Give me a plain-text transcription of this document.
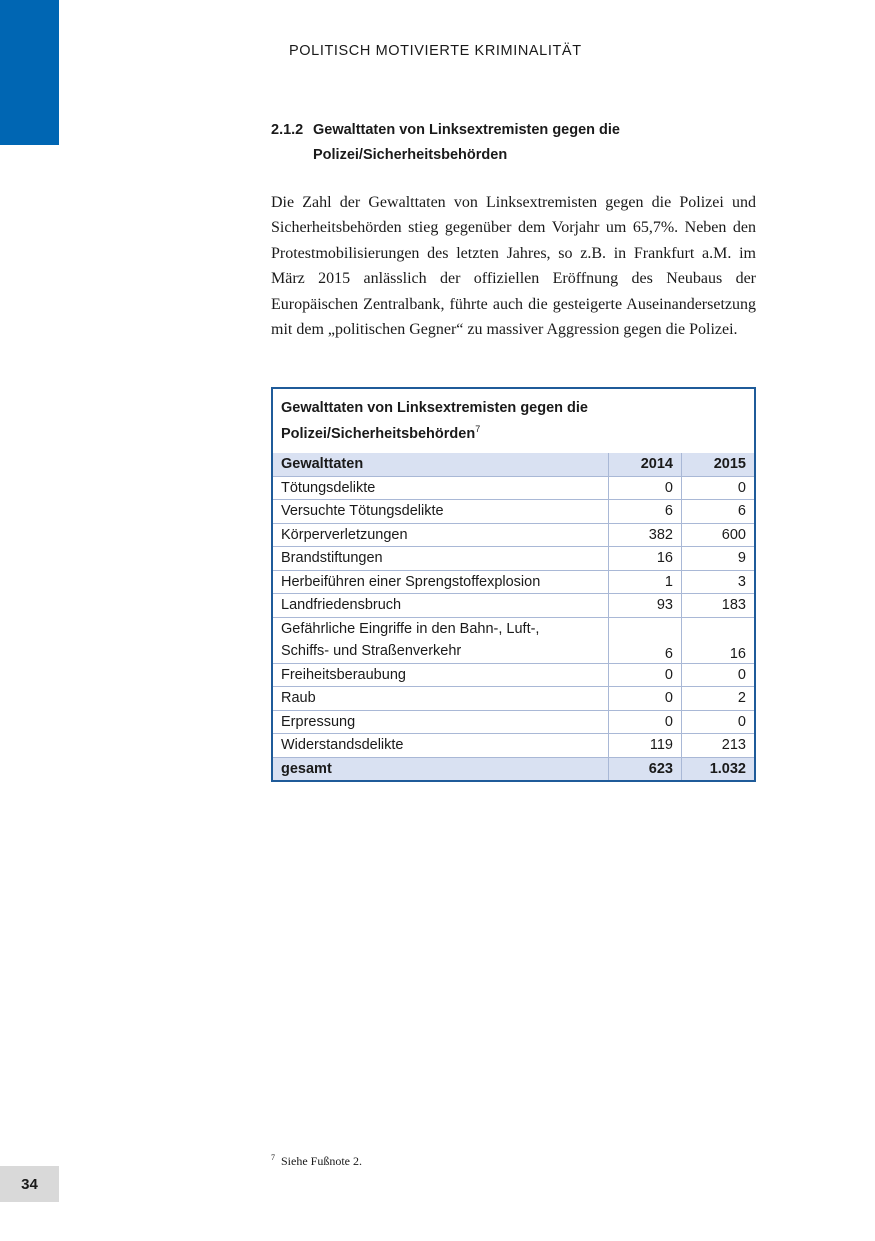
POLITISCH MOTIVIERTE KRIMINALITÄT
2.1.2 Gewalttaten von Linksextremisten gegen die
Polizei/Sicherheitsbehörden

Die Zahl der Gewalttaten von Linksextremisten gegen die Polizei und Sicherheitsbehörden stieg gegenüber dem Vorjahr um 65,7%. Neben den Protestmobilisierungen des letzten Jahres, so z.B. in Frankfurt a.M. im März 2015 anlässlich der offiziellen Eröffnung des Neubaus der Europäischen Zentralbank, führte auch die gesteigerte Auseinandersetzung mit dem „politischen Gegner“ zu massiver Aggression gegen die Polizei.

Gewalttaten von Linksextremisten gegen die
Polizei/Sicherheitsbehörden$^7$
Gewalttaten	2014	2015
Tötungsdelikte	0	0
Versuchte Tötungsdelikte	6	6
Körperverletzungen	382	600
Brandstiftungen	16	9
Herbeiführen einer Sprengstoffexplosion	1	3
Landfriedensbruch	93	183

Gefährliche Eingriffe in den Bahn-, Luft-,
Schiffs- und Straßenverkehr	6	16
Freiheitsberaubung	0	0
Raub	0	2
Erpressung	0	0
Widerstandsdelikte	119	213
gesamt	623	1.032
$^7$ Siehe Fußnote 2.
34
